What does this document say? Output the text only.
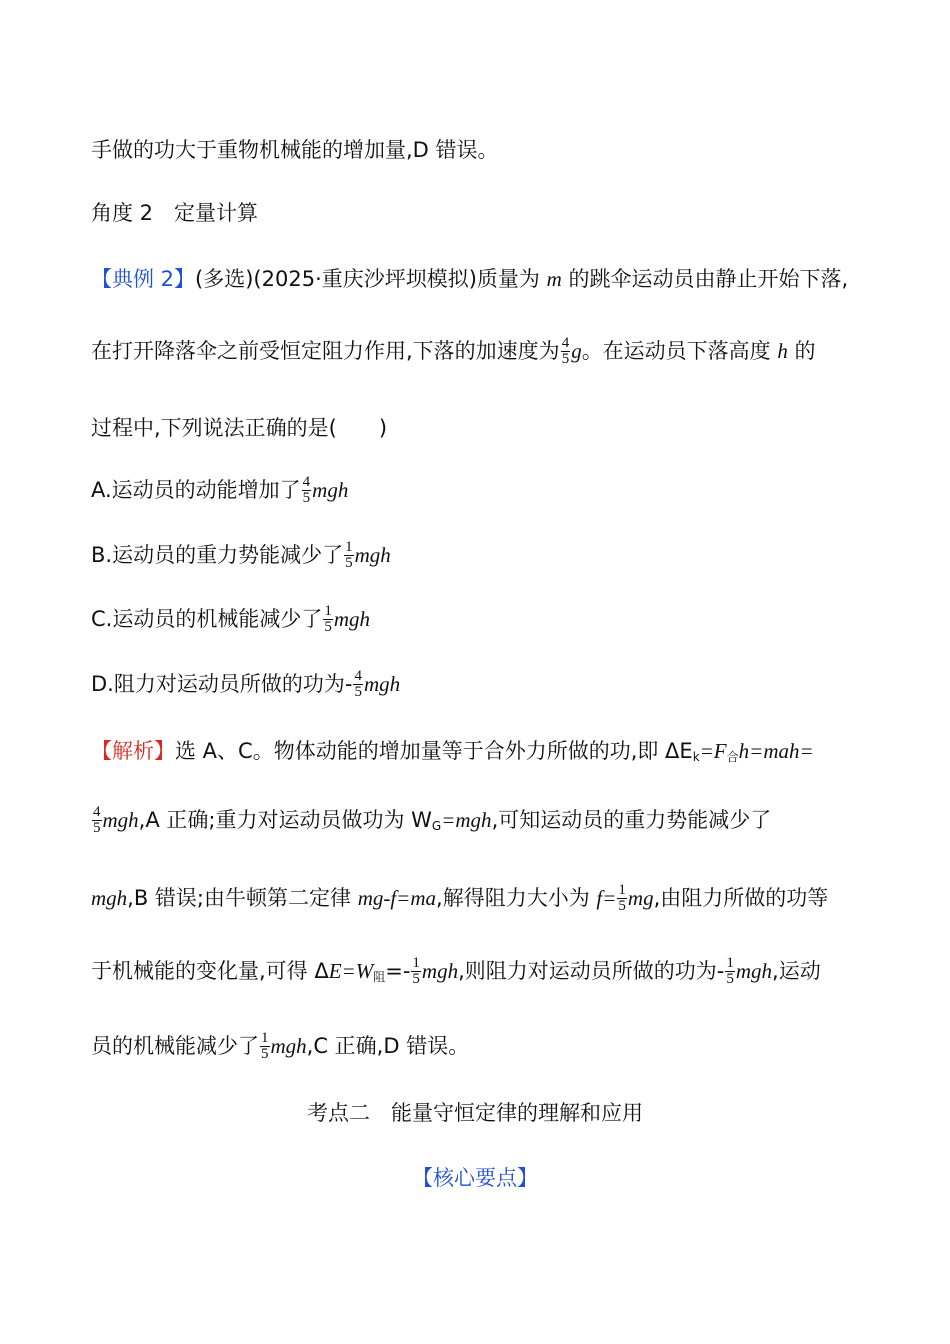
手做的功大于重物机械能的增加量,D 错误。
角度 2　定量计算
【典例 2】(多选)(2025·重庆沙坪坝模拟)质量为 m 的跳伞运动员由静止开始下落,
在打开降落伞之前受恒定阻力作用,下落的加速度为 $\frac{4}{5}$ g。在运动员下落高度 h 的
过程中,下列说法正确的是(　　)
A.运动员的动能增加了 $\frac{4}{5}$ mgh
B.运动员的重力势能减少了 $\frac{1}{5}$ mgh
C.运动员的机械能减少了 $\frac{1}{5}$ mgh
D.阻力对运动员所做的功为- $\frac{4}{5}$ mgh
【解析】选 A、C。物体动能的增加量等于合外力所做的功,即 $\Delta E_k=F_合h=mah=$
$\frac{4}{5} mgh,A$ 正确;重力对运动员做功为 $W_G=mgh$,可知运动员的重力势能减少了
mgh,B 错误;由牛顿第二定律 mg-f=ma,解得阻力大小为 $f= \frac{1}{5}$ mg,由阻力所做的功等
于机械能的变化量,可得 $\Delta E=W_阻=- \frac{1}{5}$ mgh,则阻力对运动员所做的功为- $\frac{1}{5}$ mgh,运动
员的机械能减少了 $\frac{1}{5} mgh,C$ 正确,D 错误。
考点二　能量守恒定律的理解和应用
【核心要点】
